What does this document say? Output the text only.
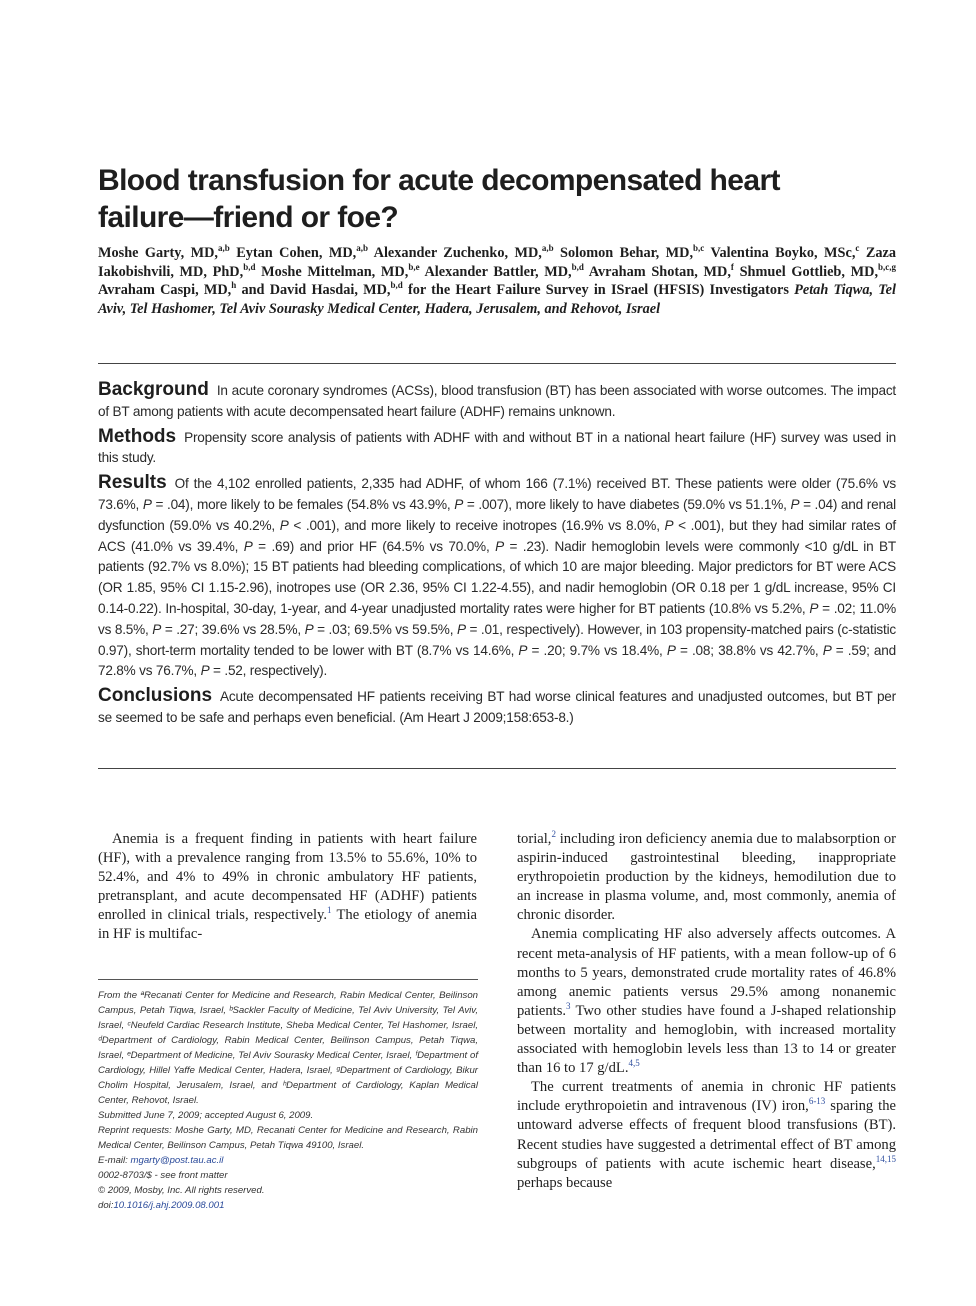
Blood transfusion for acute decompensated heart failure—friend or foe?
Moshe Garty, MD,$^{a,b}$ Eytan Cohen, MD,$^{a,b}$ Alexander Zuchenko, MD,$^{a,b}$ Solomon Behar, MD,$^{b,c}$ Valentina Boyko, MSc,$^c$ Zaza Iakobishvili, MD, PhD,$^{b,d}$ Moshe Mittelman, MD,$^{b,e}$ Alexander Battler, MD,$^{b,d}$ Avraham Shotan, MD,$^f$ Shmuel Gottlieb, MD,$^{b,c,g}$ Avraham Caspi, MD,$^h$ and David Hasdai, MD,$^{b,d}$ for the Heart Failure Survey in ISrael (HFSIS) Investigators Petah Tiqwa, Tel Aviv, Tel Hashomer, Tel Aviv Sourasky Medical Center, Hadera, Jerusalem, and Rehovot, Israel

Background In acute coronary syndromes (ACSs), blood transfusion (BT) has been associated with worse outcomes. The impact of BT among patients with acute decompensated heart failure (ADHF) remains unknown.

Methods Propensity score analysis of patients with ADHF with and without BT in a national heart failure (HF) survey was used in this study.

Results Of the 4,102 enrolled patients, 2,335 had ADHF, of whom 166 (7.1%) received BT. These patients were older (75.6% vs 73.6%, P = .04), more likely to be females (54.8% vs 43.9%, P = .007), more likely to have diabetes (59.0% vs 51.1%, P = .04) and renal dysfunction (59.0% vs 40.2%, P < .001), and more likely to receive inotropes (16.9% vs 8.0%, P < .001), but they had similar rates of ACS (41.0% vs 39.4%, P = .69) and prior HF (64.5% vs 70.0%, P = .23). Nadir hemoglobin levels were commonly <10 g/dL in BT patients (92.7% vs 8.0%); 15 BT patients had bleeding complications, of which 10 are major bleeding. Major predictors for BT were ACS (OR 1.85, 95% CI 1.15-2.96), inotropes use (OR 2.36, 95% CI 1.22-4.55), and nadir hemoglobin (OR 0.18 per 1 g/dL increase, 95% CI 0.14-0.22). In-hospital, 30-day, 1-year, and 4-year unadjusted mortality rates were higher for BT patients (10.8% vs 5.2%, P = .02; 11.0% vs 8.5%, P = .27; 39.6% vs 28.5%, P = .03; 69.5% vs 59.5%, P = .01, respectively). However, in 103 propensity-matched pairs (c-statistic 0.97), short-term mortality tended to be lower with BT (8.7% vs 14.6%, P = .20; 9.7% vs 18.4%, P = .08; 38.8% vs 42.7%, P = .59; and 72.8% vs 76.7%, P = .52, respectively).

Conclusions Acute decompensated HF patients receiving BT had worse clinical features and unadjusted outcomes, but BT per se seemed to be safe and perhaps even beneficial. (Am Heart J 2009;158:653-8.)

Anemia is a frequent finding in patients with heart failure (HF), with a prevalence ranging from 13.5% to 55.6%, 10% to 52.4%, and 4% to 49% in chronic ambulatory HF patients, pretransplant, and acute decompensated HF (ADHF) patients enrolled in clinical trials, respectively.$^1$ The etiology of anemia in HF is multifac-

From the ªRecanati Center for Medicine and Research, Rabin Medical Center, Beilinson Campus, Petah Tiqwa, Israel, ᵇSackler Faculty of Medicine, Tel Aviv University, Tel Aviv, Israel, ᶜNeufeld Cardiac Research Institute, Sheba Medical Center, Tel Hashomer, Israel, ᵈDepartment of Cardiology, Rabin Medical Center, Beilinson Campus, Petah Tiqwa, Israel, ᵉDepartment of Medicine, Tel Aviv Sourasky Medical Center, Israel, ᶠDepartment of Cardiology, Hillel Yaffe Medical Center, Hadera, Israel, ᵍDepartment of Cardiology, Bikur Cholim Hospital, Jerusalem, Israel, and ʰDepartment of Cardiology, Kaplan Medical Center, Rehovot, Israel.

Submitted June 7, 2009; accepted August 6, 2009.

Reprint requests: Moshe Garty, MD, Recanati Center for Medicine and Research, Rabin Medical Center, Beilinson Campus, Petah Tiqwa 49100, Israel.

E-mail: mgarty@post.tau.ac.il

0002-8703/$ - see front matter

© 2009, Mosby, Inc. All rights reserved.

doi:10.1016/j.ahj.2009.08.001

torial,$^2$ including iron deficiency anemia due to malabsorption or aspirin-induced gastrointestinal bleeding, inappropriate erythropoietin production by the kidneys, hemodilution due to an increase in plasma volume, and, most commonly, anemia of chronic disorder.

Anemia complicating HF also adversely affects outcomes. A recent meta-analysis of HF patients, with a mean follow-up of 6 months to 5 years, demonstrated crude mortality rates of 46.8% among anemic patients versus 29.5% among nonanemic patients.$^3$ Two other studies have found a J-shaped relationship between mortality and hemoglobin, with increased mortality associated with hemoglobin levels less than 13 to 14 or greater than 16 to 17 g/dL.$^{4,5}$

The current treatments of anemia in chronic HF patients include erythropoietin and intravenous (IV) iron,$^{6-13}$ sparing the untoward adverse effects of frequent blood transfusions (BT). Recent studies have suggested a detrimental effect of BT among subgroups of patients with acute ischemic heart disease,$^{14,15}$ perhaps because
